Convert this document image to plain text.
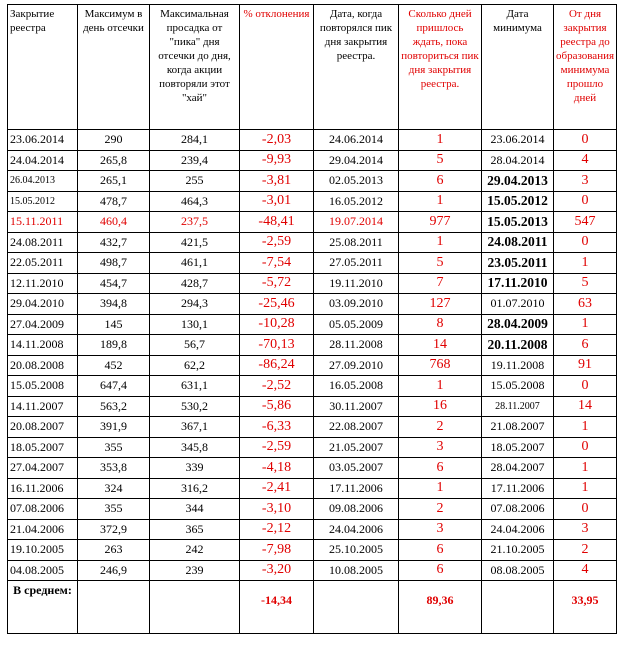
Закрытие реестра	Максимум в день отсечки	Максимальная просадка от "пика" дня отсечки до дня, когда акции повторяли этот "хай"	% отклонения	Дата, когда повторялся пик дня закрытия реестра.	Сколько дней пришлось ждать, пока повториться пик дня закрытия реестра.	Дата минимума	От дня закрытия реестра до образования минимума прошло дней
23.06.2014	290	284,1	-2,03	24.06.2014	1	23.06.2014	0
24.04.2014	265,8	239,4	-9,93	29.04.2014	5	28.04.2014	4
26.04.2013	265,1	255	-3,81	02.05.2013	6	29.04.2013	3
15.05.2012	478,7	464,3	-3,01	16.05.2012	1	15.05.2012	0
15.11.2011	460,4	237,5	-48,41	19.07.2014	977	15.05.2013	547
24.08.2011	432,7	421,5	-2,59	25.08.2011	1	24.08.2011	0
22.05.2011	498,7	461,1	-7,54	27.05.2011	5	23.05.2011	1
12.11.2010	454,7	428,7	-5,72	19.11.2010	7	17.11.2010	5
29.04.2010	394,8	294,3	-25,46	03.09.2010	127	01.07.2010	63
27.04.2009	145	130,1	-10,28	05.05.2009	8	28.04.2009	1
14.11.2008	189,8	56,7	-70,13	28.11.2008	14	20.11.2008	6
20.08.2008	452	62,2	-86,24	27.09.2010	768	19.11.2008	91
15.05.2008	647,4	631,1	-2,52	16.05.2008	1	15.05.2008	0
14.11.2007	563,2	530,2	-5,86	30.11.2007	16	28.11.2007	14
20.08.2007	391,9	367,1	-6,33	22.08.2007	2	21.08.2007	1
18.05.2007	355	345,8	-2,59	21.05.2007	3	18.05.2007	0
27.04.2007	353,8	339	-4,18	03.05.2007	6	28.04.2007	1
16.11.2006	324	316,2	-2,41	17.11.2006	1	17.11.2006	1
07.08.2006	355	344	-3,10	09.08.2006	2	07.08.2006	0
21.04.2006	372,9	365	-2,12	24.04.2006	3	24.04.2006	3
19.10.2005	263	242	-7,98	25.10.2005	6	21.10.2005	2
04.08.2005	246,9	239	-3,20	10.08.2005	6	08.08.2005	4
В среднем:			-14,34		89,36		33,95
